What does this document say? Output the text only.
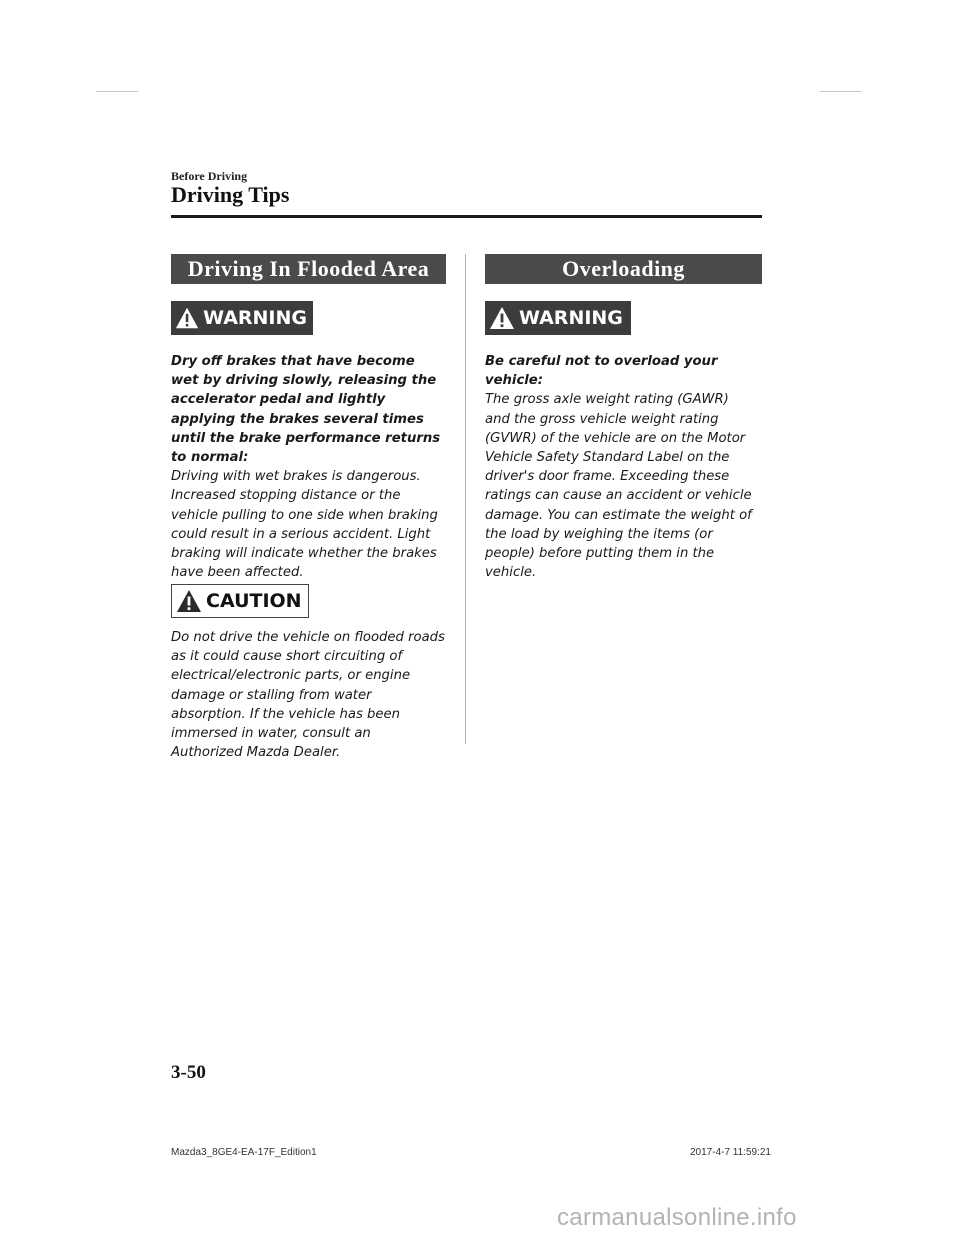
Before Driving
Driving Tips
Driving In Flooded Area
WARNING
Dry off brakes that have become wet by driving slowly, releasing the accelerator pedal and lightly applying the brakes several times until the brake performance returns to normal:
Driving with wet brakes is dangerous. Increased stopping distance or the vehicle pulling to one side when braking could result in a serious accident. Light braking will indicate whether the brakes have been affected.
CAUTION
Do not drive the vehicle on flooded roads as it could cause short circuiting of electrical/electronic parts, or engine damage or stalling from water absorption. If the vehicle has been immersed in water, consult an Authorized Mazda Dealer.
Overloading
WARNING
Be careful not to overload your vehicle:
The gross axle weight rating (GAWR) and the gross vehicle weight rating (GVWR) of the vehicle are on the Motor Vehicle Safety Standard Label on the driver's door frame. Exceeding these ratings can cause an accident or vehicle damage. You can estimate the weight of the load by weighing the items (or people) before putting them in the vehicle.
3-50
Mazda3_8GE4-EA-17F_Edition1	2017-4-7 11:59:21
carmanualsonline.info
